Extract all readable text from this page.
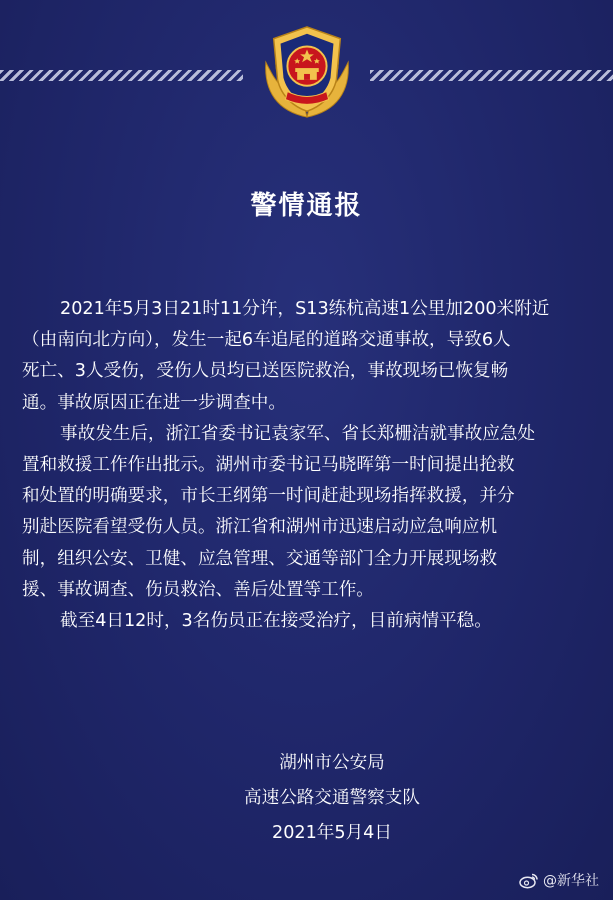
警情通报
2021年5月3日21时11分许，S13练杭高速1公里加200米附近
（由南向北方向），发生一起6车追尾的道路交通事故，导致6人
死亡、3人受伤，受伤人员均已送医院救治，事故现场已恢复畅
通。事故原因正在进一步调查中。
事故发生后，浙江省委书记袁家军、省长郑栅洁就事故应急处
置和救援工作作出批示。湖州市委书记马晓晖第一时间提出抢救
和处置的明确要求，市长王纲第一时间赶赴现场指挥救援，并分
别赴医院看望受伤人员。浙江省和湖州市迅速启动应急响应机
制，组织公安、卫健、应急管理、交通等部门全力开展现场救
援、事故调查、伤员救治、善后处置等工作。
截至4日12时，3名伤员正在接受治疗，目前病情平稳。
湖州市公安局
高速公路交通警察支队
2021年5月4日
@新华社
